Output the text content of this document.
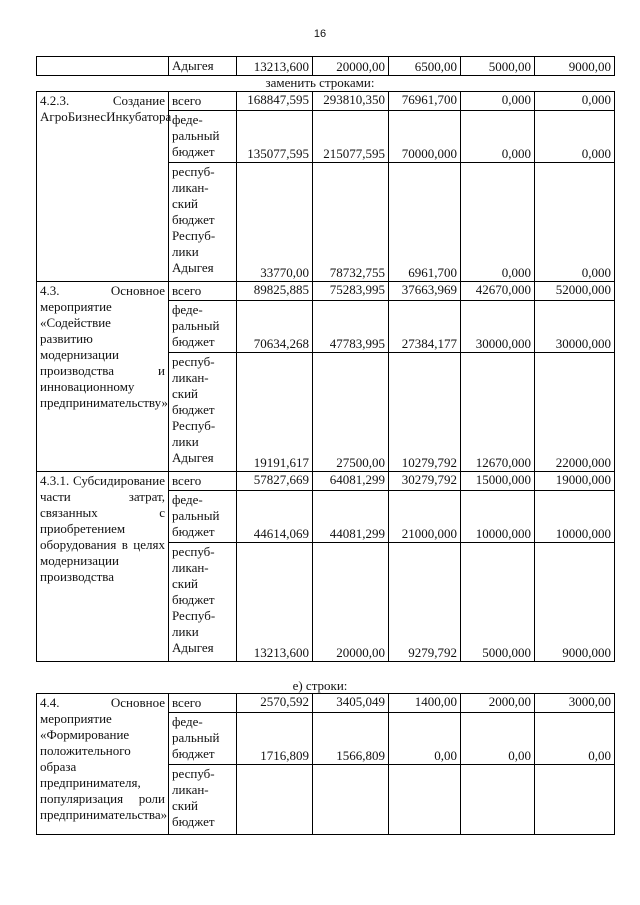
16
	Адыгея	13213,600	20000,00	6500,00	5000,00	9000,00
заменить строками:
4.2.3. Создание АгроБизнесИнкубатора	всего	168847,595	293810,350	76961,700	0,000	0,000
	феде-ральный бюджет	135077,595	215077,595	70000,000	0,000	0,000
	респуб-ликан-ский бюджет Респуб-лики Адыгея	33770,00	78732,755	6961,700	0,000	0,000
4.3. Основное мероприятие «Содействие развитию модернизации производства и инновационному предпринимательству»	всего	89825,885	75283,995	37663,969	42670,000	52000,000
	феде-ральный бюджет	70634,268	47783,995	27384,177	30000,000	30000,000
	респуб-ликан-ский бюджет Респуб-лики Адыгея	19191,617	27500,00	10279,792	12670,000	22000,000
4.3.1. Субсидирование части затрат, связанных с приобретением оборудования в целях модернизации производства	всего	57827,669	64081,299	30279,792	15000,000	19000,000
	феде-ральный бюджет	44614,069	44081,299	21000,000	10000,000	10000,000
	респуб-ликан-ский бюджет Респуб-лики Адыгея	13213,600	20000,00	9279,792	5000,000	9000,000
е) строки:
4.4. Основное мероприятие «Формирование положительного образа предпринимателя, популяризация роли предпринимательства»	всего	2570,592	3405,049	1400,00	2000,00	3000,00
	феде-ральный бюджет	1716,809	1566,809	0,00	0,00	0,00
	респуб-ликан-ский бюджет					
